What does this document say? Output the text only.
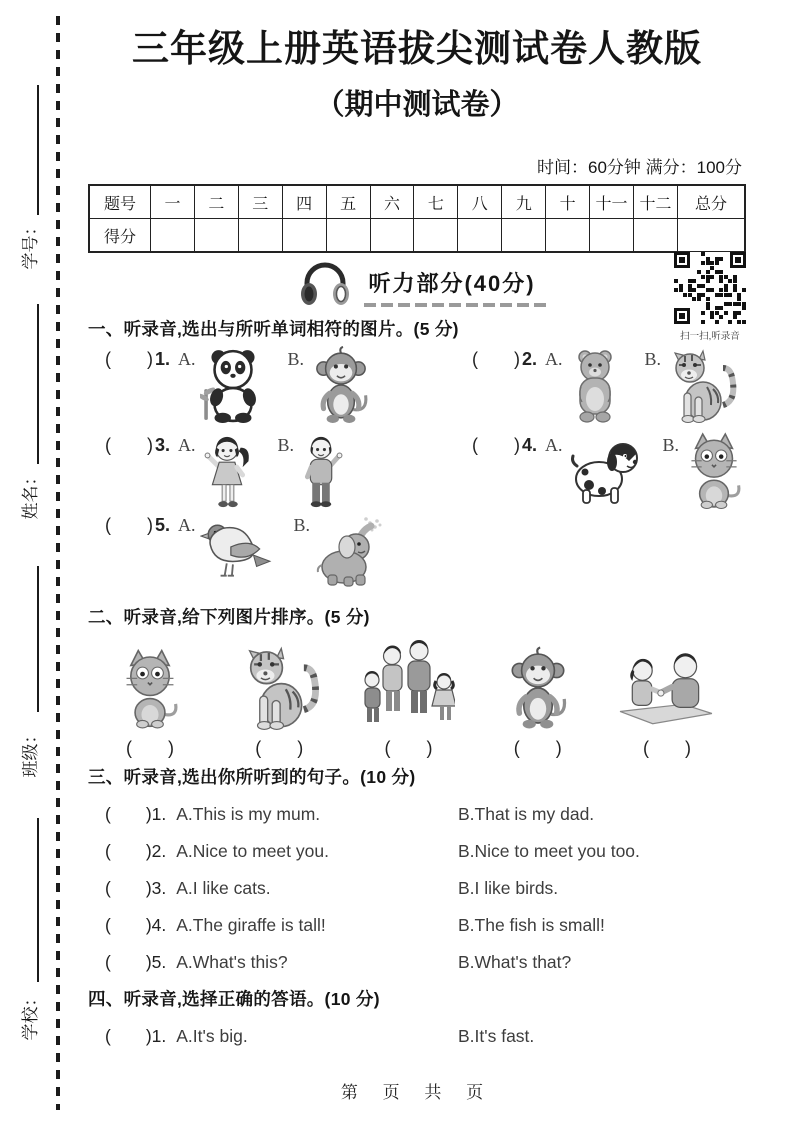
学号：
姓名：
班级：
学校：
三年级上册英语拔尖测试卷人教版
（期中测试卷）
时间：60分钟 满分：100分
题号	一	二	三	四	五	六	七	八	九	十	十一	十二	总分
得分													
听力部分(40分)
扫一扫,听录音
一、听录音,选出与所听单词相符的图片。(5 分)
(　　) 1. A.	B.	(　　) 2. A.	B.
(　　) 3. A.	B.	(　　) 4. A.	B.
(　　) 5. A.	B.
二、听录音,给下列图片排序。(5 分)
(　　)	(　　)	(　　)	(　　)	(　　)
三、听录音,选出你所听到的句子。(10 分)
(　　)1. A.This is my mum.	B.That is my dad.
(　　)2. A.Nice to meet you.	B.Nice to meet you too.
(　　)3. A.I like cats.	B.I like birds.
(　　)4. A.The giraffe is tall!	B.The fish is small!
(　　)5. A.What's this?	B.What's that?
四、听录音,选择正确的答语。(10 分)
(　　)1. A.It's big.	B.It's fast.
第 页 共 页
